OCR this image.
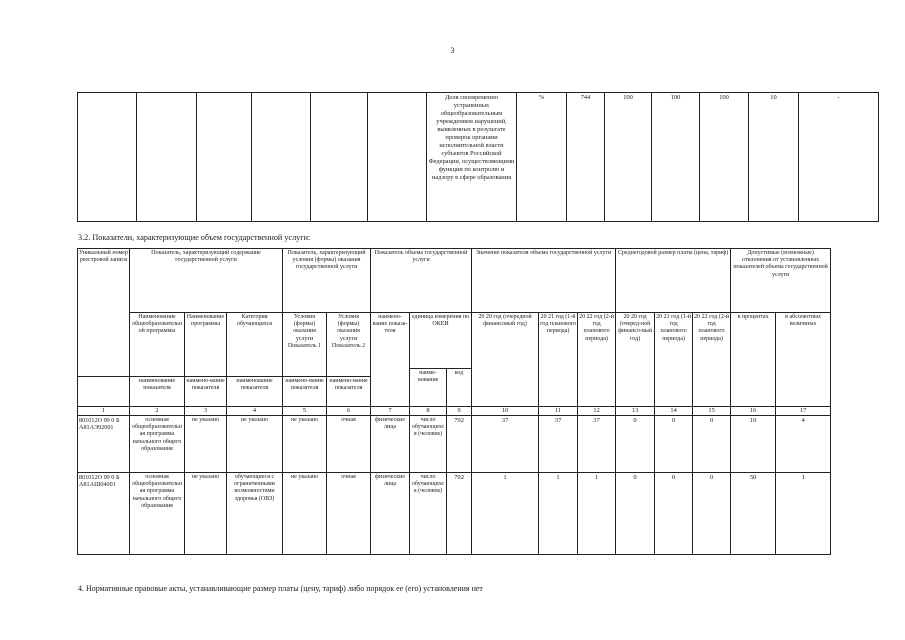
3
						Доля своевременно устраненных общеобразовательным учреждением нарушений, выявленных в результате проверок органами исполнительной власти субъектов Российской Федерации, осуществляющими функции по контролю и надзору в сфере образования	%	744	100	100	100	10	-
3.2. Показатели, характеризующие объем государственной услуги:
Уникальный номер реестровой записи	Показатель, характеризующий содержание государственной услуги			Показатель, характеризующий условия (формы) оказания государственной услуги		Показатель объема государственной услуги			Значение показателя объема государственной услуги			Среднегодовой размер платы (цена, тариф)			Допустимые (возможные) отклонения от установленных показателей объема государственной услуги	
	Наименование общеобразовательной программы	Наименование программы	Категория обучающихся	Условия (формы) оказания услуги Показатель 1	Условия (формы) оказания услуги Показатель 2	наимено-вание показа-теля	единица измерения по ОКЕИ		20 20 год (очередной финансовый год)	20 21 год (1-й год планового периода)	20 22 год (2-й год планового периода)	20 20 год (очеред-ной финансо-вый год)	20 21 год (1-й год планового периода)	20 22 год (2-й год планового периода)	в процентах	в абсолютных величинах
							наиме-нование	код								
	наименование показателя	наимено-вание показателя	наименование показателя	наимено-вание показателя	наимено-вание показателя											
1	2	3	4	5	6	7	8	9	10	11	12	13	14	15	16	17
801012О 99 0 Б А81АЭ92001	основная общеобразовательная программа начального общего образования	не указано	не указано	не указано	очная	физические лица	число обучающихся (человек)	792	37	37	37	0	0	0	10	4
801012О 99 0 Б А81АШ04001	основная общеобразовательная программа начального общего образования	не указано	обучающиеся с ограниченными возможностями здоровья (ОВЗ)	не указано	очная	физические лица	число обучающихся (человек)	792	1	1	1	0	0	0	50	1
4. Нормативные правовые акты, устанавливающие размер платы (цену, тариф) либо порядок ее (его) установления нет
